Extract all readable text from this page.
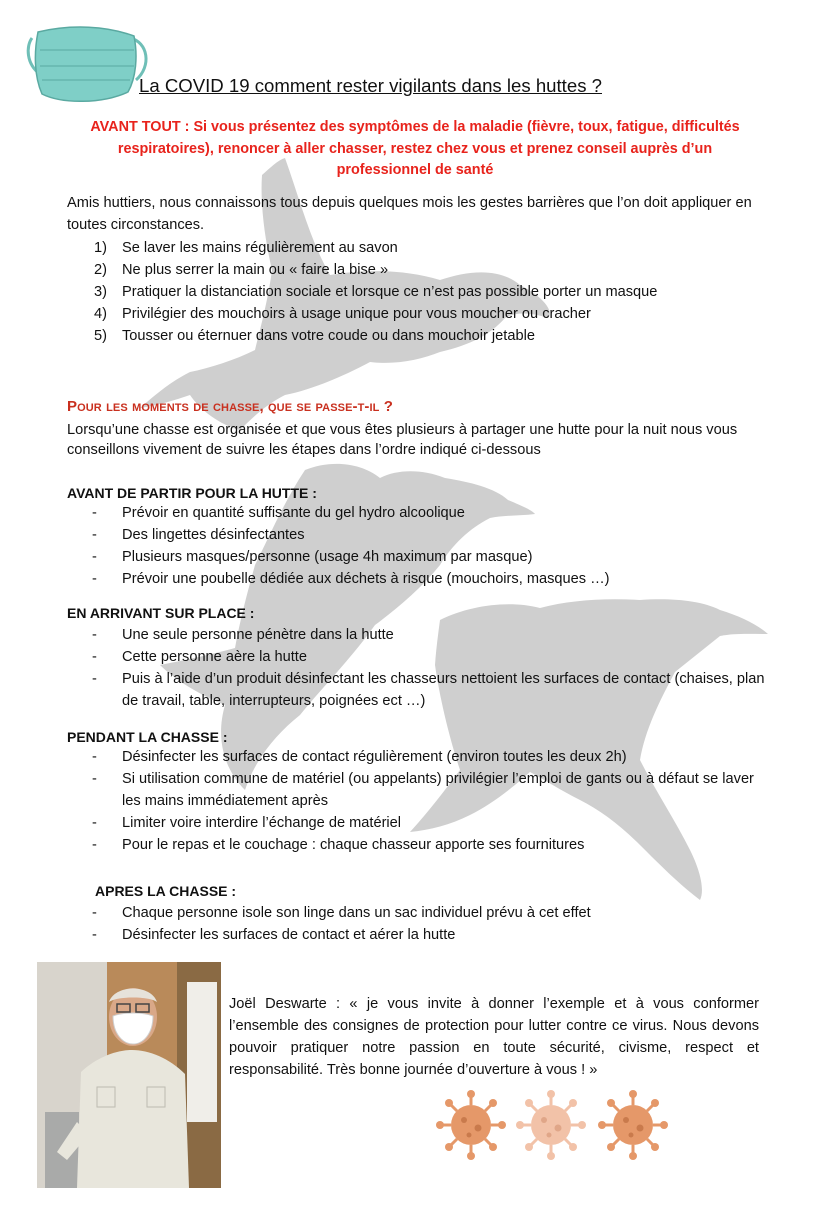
La COVID 19 comment rester vigilants dans les huttes ?
AVANT TOUT : Si vous présentez des symptômes de la maladie (fièvre, toux, fatigue, difficultés respiratoires), renoncer à aller chasser, restez chez vous et prenez conseil auprès d’un professionnel de santé
Amis huttiers, nous connaissons tous depuis quelques mois les gestes barrières que l’on doit appliquer en toutes circonstances.
1)	Se laver les mains régulièrement au savon
2)	Ne plus serrer la main ou « faire la bise »
3)	Pratiquer la distanciation sociale et lorsque ce n’est pas possible porter un masque
4)	Privilégier des mouchoirs à usage unique pour vous moucher ou cracher
5)	Tousser ou éternuer dans votre coude ou dans mouchoir jetable
Pour les moments de chasse, que se passe-t-il ?
Lorsqu’une chasse est organisée et que vous êtes plusieurs à partager une hutte pour la nuit nous vous conseillons vivement de suivre les étapes dans l’ordre indiqué ci-dessous
AVANT DE PARTIR POUR LA HUTTE :
-	Prévoir en quantité suffisante du gel hydro alcoolique
-	Des lingettes désinfectantes
-	Plusieurs masques/personne (usage 4h maximum par masque)
-	Prévoir une poubelle dédiée aux déchets à risque (mouchoirs, masques …)
EN ARRIVANT SUR PLACE :
-	Une seule personne pénètre dans la hutte
-	Cette personne aère la hutte
-	Puis à l’aide d’un produit désinfectant les chasseurs nettoient les surfaces de contact (chaises, plan de travail, table, interrupteurs, poignées ect …)
PENDANT LA CHASSE :
-	Désinfecter les surfaces de contact régulièrement (environ toutes les deux 2h)
-	Si utilisation commune de matériel (ou appelants) privilégier l’emploi de gants ou à défaut se laver les mains immédiatement après
-	Limiter voire interdire l’échange de matériel
-	Pour le repas et le couchage : chaque chasseur apporte ses fournitures
APRES LA CHASSE :
-	Chaque personne isole son linge dans un sac individuel prévu à cet effet
-	Désinfecter les surfaces de contact et aérer la hutte
Joël Deswarte : « je vous invite à donner l’exemple et à vous conformer l’ensemble des consignes de protection pour lutter contre ce virus. Nous devons pouvoir pratiquer notre passion en toute sécurité, civisme, respect et responsabilité. Très bonne journée d’ouverture à vous ! »
